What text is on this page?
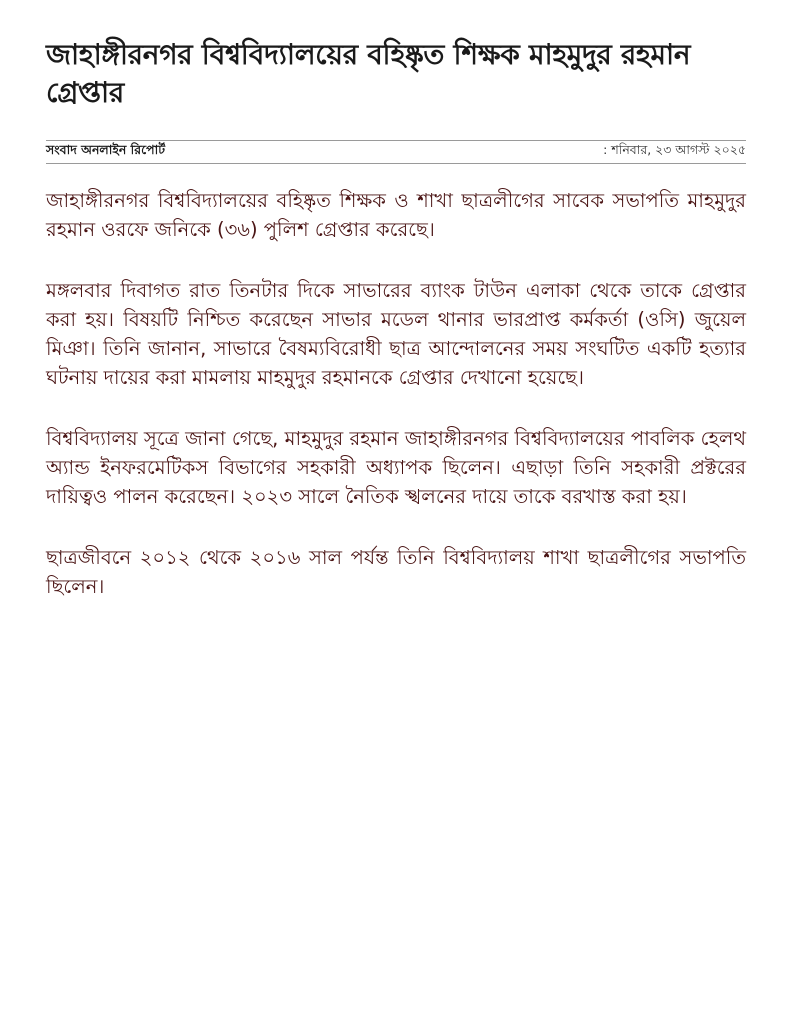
জাহাঙ্গীরনগর বিশ্ববিদ্যালয়ের বহিষ্কৃত শিক্ষক মাহমুদুর রহমান গ্রেপ্তার
সংবাদ অনলাইন রিপোর্ট	: শনিবার, ২৩ আগস্ট ২০২৫

জাহাঙ্গীরনগর বিশ্ববিদ্যালয়ের বহিষ্কৃত শিক্ষক ও শাখা ছাত্রলীগের সাবেক সভাপতি মাহমুদুর রহমান ওরফে জনিকে (৩৬) পুলিশ গ্রেপ্তার করেছে।

মঙ্গলবার দিবাগত রাত তিনটার দিকে সাভারের ব্যাংক টাউন এলাকা থেকে তাকে গ্রেপ্তার করা হয়। বিষয়টি নিশ্চিত করেছেন সাভার মডেল থানার ভারপ্রাপ্ত কর্মকর্তা (ওসি) জুয়েল মিঞা। তিনি জানান, সাভারে বৈষম্যবিরোধী ছাত্র আন্দোলনের সময় সংঘটিত একটি হত্যার ঘটনায় দায়ের করা মামলায় মাহমুদুর রহমানকে গ্রেপ্তার দেখানো হয়েছে।

বিশ্ববিদ্যালয় সূত্রে জানা গেছে, মাহমুদুর রহমান জাহাঙ্গীরনগর বিশ্ববিদ্যালয়ের পাবলিক হেলথ অ্যান্ড ইনফরমেটিকস বিভাগের সহকারী অধ্যাপক ছিলেন। এছাড়া তিনি সহকারী প্রক্টরের দায়িত্বও পালন করেছেন। ২০২৩ সালে নৈতিক স্খলনের দায়ে তাকে বরখাস্ত করা হয়।

ছাত্রজীবনে ২০১২ থেকে ২০১৬ সাল পর্যন্ত তিনি বিশ্ববিদ্যালয় শাখা ছাত্রলীগের সভাপতি ছিলেন।
